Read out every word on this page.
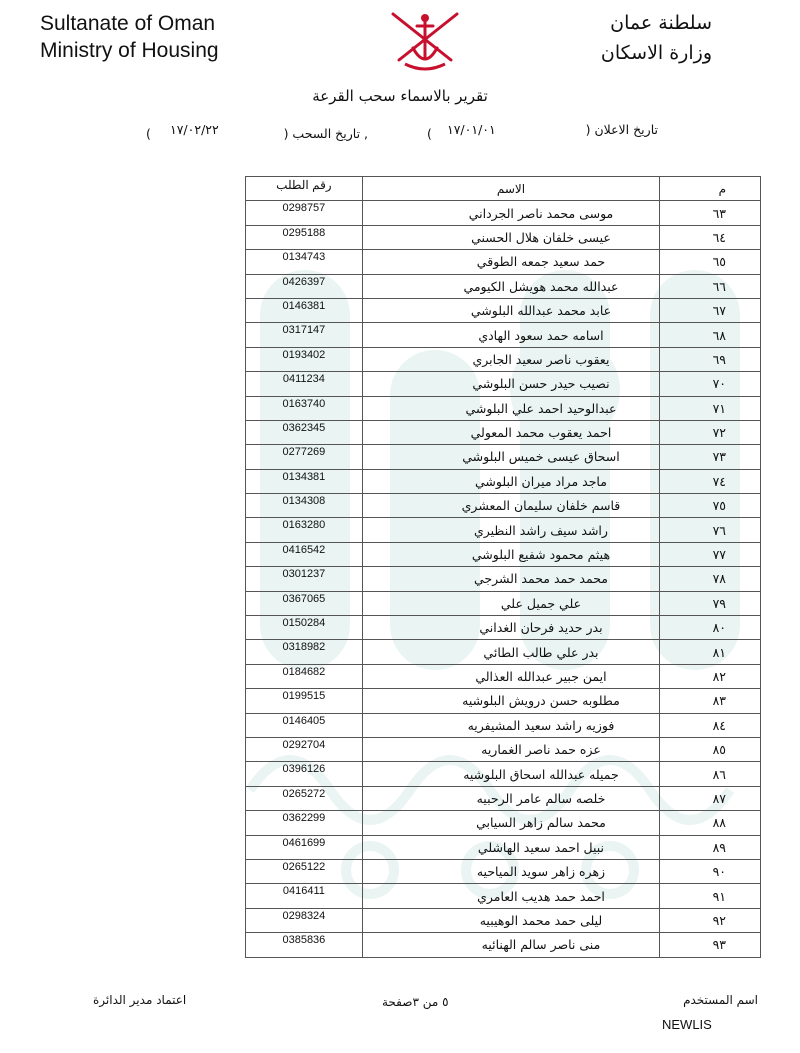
Sultanate of Oman
Ministry of Housing
سلطنة عمان
وزارة الاسكان
تقرير بالاسماء سحب القرعة
تاريخ الاعلان (
١٧/٠١/٠١
)
, تاريخ السحب (
١٧/٠٢/٢٢
)
م	الاسم	رقم الطلب
٦٣	موسى محمد ناصر الجرداني	0298757
٦٤	عيسى خلفان هلال الحسني	0295188
٦٥	حمد سعيد جمعه الطوقي	0134743
٦٦	عبدالله محمد هويشل الكيومي	0426397
٦٧	عابد محمد عبدالله البلوشي	0146381
٦٨	اسامه حمد سعود الهادي	0317147
٦٩	يعقوب ناصر سعيد الجابري	0193402
٧٠	نصيب حيدر حسن البلوشي	0411234
٧١	عبدالوحيد احمد علي البلوشي	0163740
٧٢	احمد يعقوب محمد المعولي	0362345
٧٣	اسحاق عيسى خميس البلوشي	0277269
٧٤	ماجد مراد ميران البلوشي	0134381
٧٥	قاسم خلفان سليمان المعشري	0134308
٧٦	راشد سيف راشد النظيري	0163280
٧٧	هيثم محمود شفيع البلوشي	0416542
٧٨	محمد حمد محمد الشرجي	0301237
٧٩	علي جميل علي	0367065
٨٠	بدر حديد فرحان الغداني	0150284
٨١	بدر علي طالب الطائي	0318982
٨٢	ايمن جبير عبدالله العذالي	0184682
٨٣	مطلوبه حسن درويش البلوشيه	0199515
٨٤	فوزيه راشد سعيد المشيفريه	0146405
٨٥	عزه حمد ناصر الغماريه	0292704
٨٦	جميله عبدالله اسحاق البلوشيه	0396126
٨٧	خلصه سالم عامر الرحبيه	0265272
٨٨	محمد سالم زاهر السيابي	0362299
٨٩	نبيل احمد سعيد الهاشلي	0461699
٩٠	زهره زاهر سويد المياحيه	0265122
٩١	احمد حمد هديب العامري	0416411
٩٢	ليلى حمد محمد الوهيبيه	0298324
٩٣	منى ناصر سالم الهنائيه	0385836
اسم المستخدم
NEWLIS
٥ من ٣صفحة
اعتماد مدير الدائرة
